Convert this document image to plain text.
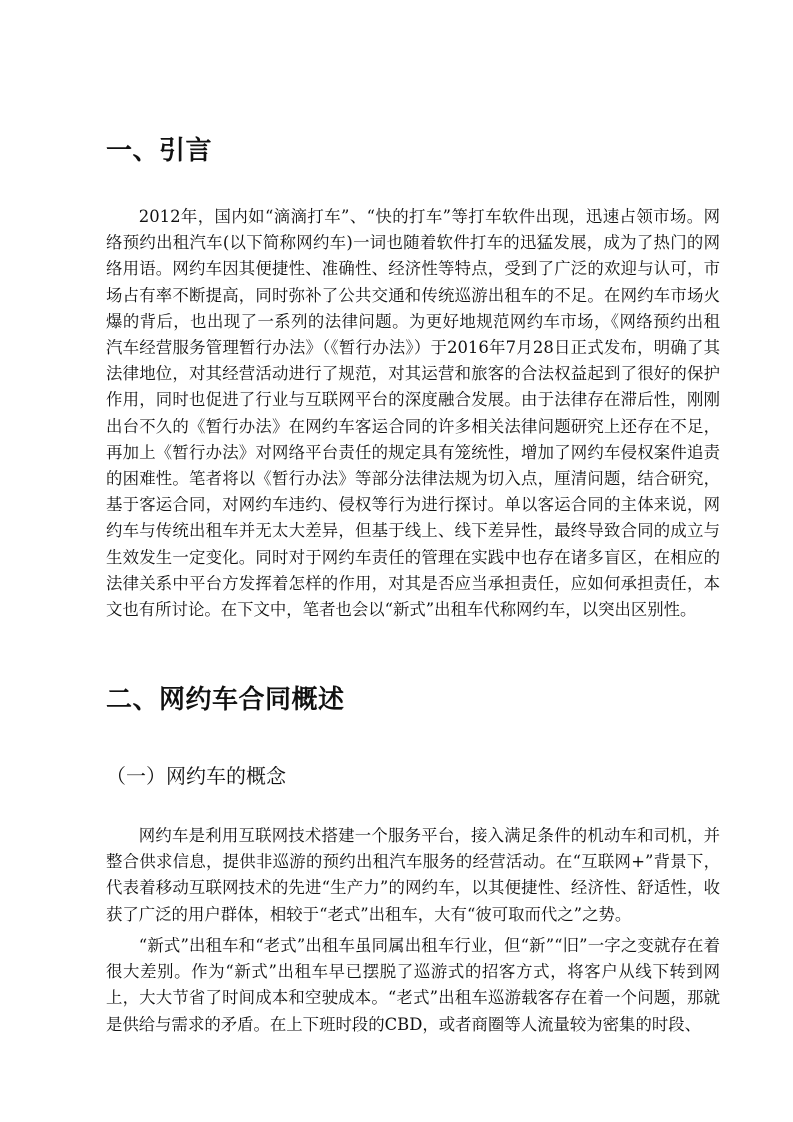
一、引言

2012年，国内如“滴滴打车”、“快的打车”等打车软件出现，迅速占领市场。网络预约出租汽车(以下简称网约车)一词也随着软件打车的迅猛发展，成为了热门的网络用语。网约车因其便捷性、准确性、经济性等特点，受到了广泛的欢迎与认可，市场占有率不断提高，同时弥补了公共交通和传统巡游出租车的不足。在网约车市场火爆的背后，也出现了一系列的法律问题。为更好地规范网约车市场，《网络预约出租汽车经营服务管理暂行办法》（《暂行办法》）于2016年7月28日正式发布，明确了其法律地位，对其经营活动进行了规范，对其运营和旅客的合法权益起到了很好的保护作用，同时也促进了行业与互联网平台的深度融合发展。由于法律存在滞后性，刚刚出台不久的《暂行办法》在网约车客运合同的许多相关法律问题研究上还存在不足，再加上《暂行办法》对网络平台责任的规定具有笼统性，增加了网约车侵权案件追责的困难性。笔者将以《暂行办法》等部分法律法规为切入点，厘清问题，结合研究，基于客运合同，对网约车违约、侵权等行为进行探讨。单以客运合同的主体来说，网约车与传统出租车并无太大差异，但基于线上、线下差异性，最终导致合同的成立与生效发生一定变化。同时对于网约车责任的管理在实践中也存在诸多盲区，在相应的法律关系中平台方发挥着怎样的作用，对其是否应当承担责任，应如何承担责任，本文也有所讨论。在下文中，笔者也会以“新式”出租车代称网约车，以突出区别性。

二、网约车合同概述
（一）网约车的概念

网约车是利用互联网技术搭建一个服务平台，接入满足条件的机动车和司机，并整合供求信息，提供非巡游的预约出租汽车服务的经营活动。在“互联网+”背景下，代表着移动互联网技术的先进“生产力”的网约车，以其便捷性、经济性、舒适性，收获了广泛的用户群体，相较于“老式”出租车，大有“彼可取而代之”之势。

“新式”出租车和“老式”出租车虽同属出租车行业，但“新”“旧”一字之变就存在着很大差别。作为“新式”出租车早已摆脱了巡游式的招客方式，将客户从线下转到网上，大大节省了时间成本和空驶成本。“老式”出租车巡游载客存在着一个问题，那就是供给与需求的矛盾。在上下班时段的CBD，或者商圈等人流量较为密集的时段、
